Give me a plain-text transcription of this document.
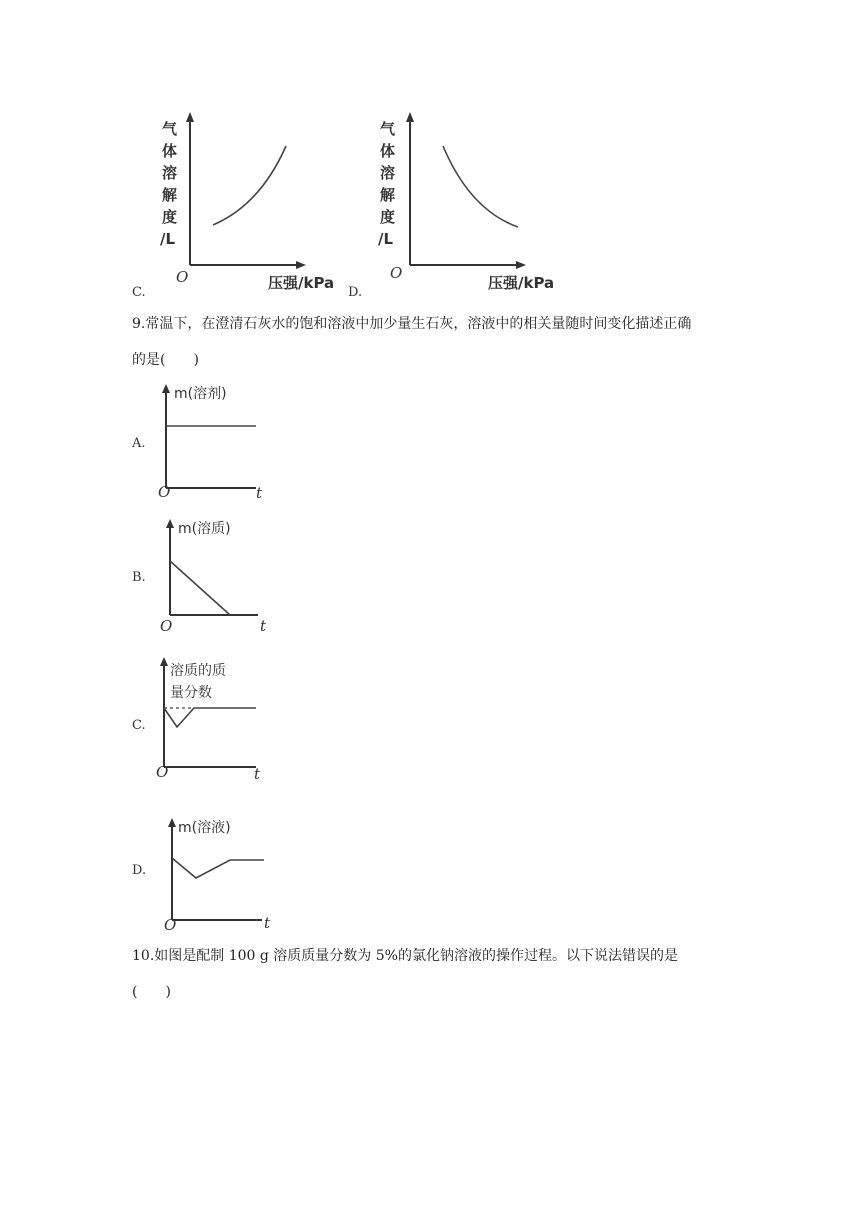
C.
气
体
溶
解
度
/L
O	压强/kPa
D.
气
体
溶
解
度
/L
O
压强/kPa
9.常温下，在澄清石灰水的饱和溶液中加少量生石灰，溶液中的相关量随时间变化描述正确
的是(　　)
A.
m(溶剂)
O	t
B.
m(溶质)
O	t
C.
溶质的质
量分数
O	t
D.
m(溶液)
O	t
10.如图是配制 100 g 溶质质量分数为 5%的氯化钠溶液的操作过程。以下说法错误的是
(　　)
